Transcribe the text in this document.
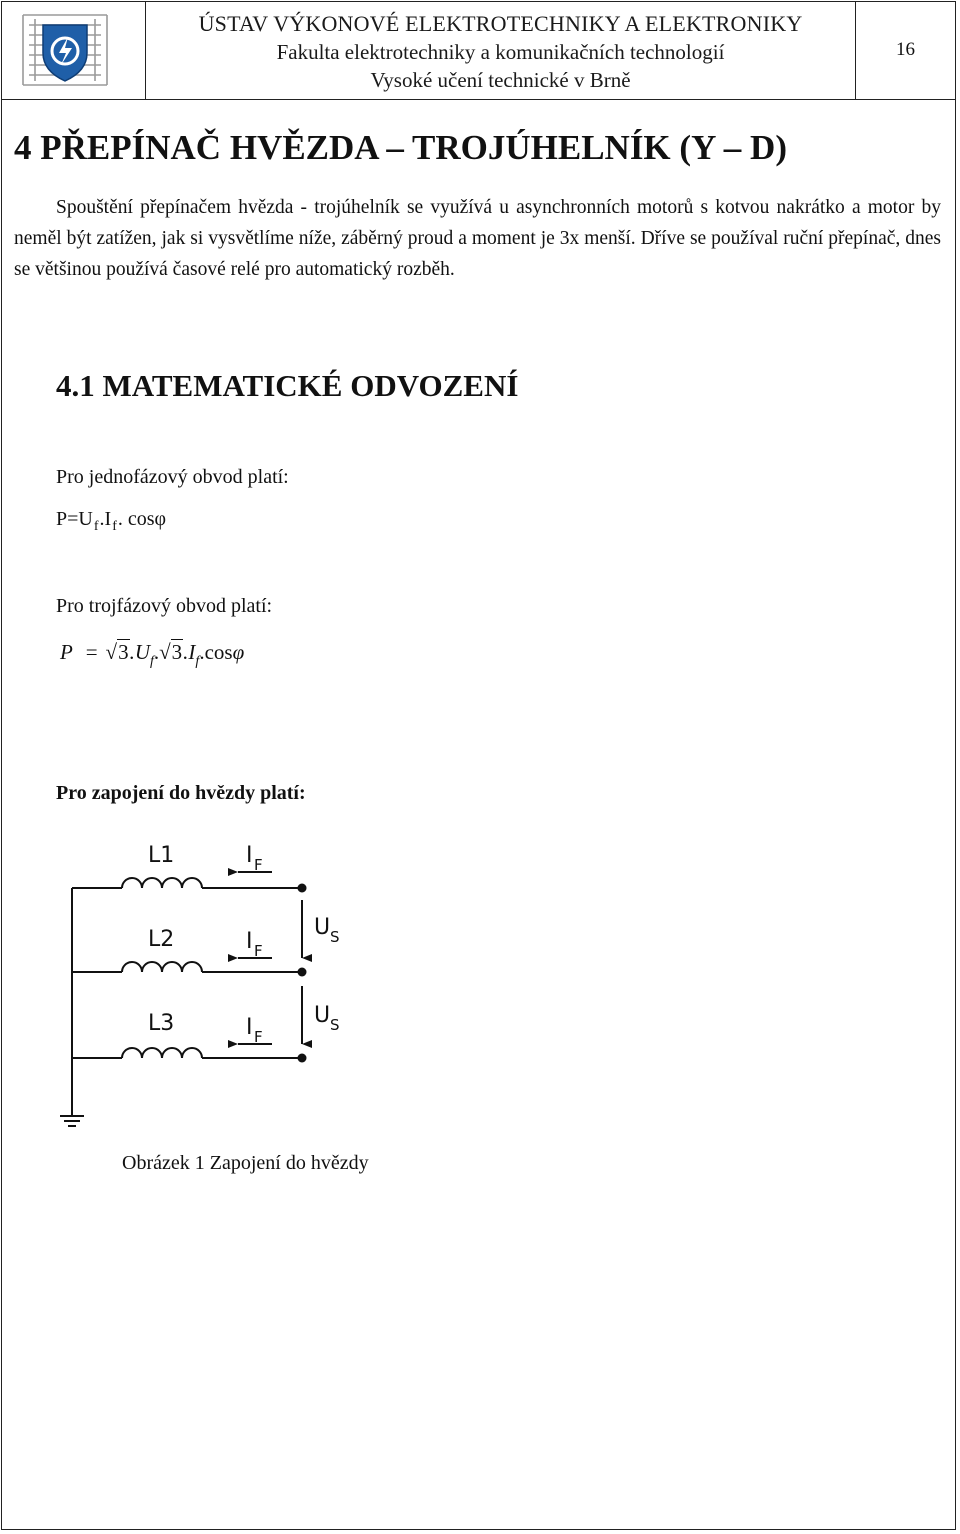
ÚSTAV VÝKONOVÉ ELEKTROTECHNIKY A ELEKTRONIKY
Fakulta elektrotechniky a komunikačních technologií
Vysoké učení technické v Brně
16
4 PŘEPÍNAČ HVĚZDA – TROJÚHELNÍK (Y – D)
Spouštění přepínačem hvězda - trojúhelník se využívá u asynchronních motorů s kotvou nakrátko a motor by neměl být zatížen, jak si vysvětlíme níže, záběrný proud a moment je 3x menší. Dříve se používal ruční přepínač, dnes se většinou používá časové relé pro automatický rozběh.
4.1 MATEMATICKÉ ODVOZENÍ
Pro jednofázový obvod platí:
$P=U_f.I_f$. cosφ
Pro trojfázový obvod platí:
$P = √3.U_f.√3.I_f.\cos\varphi$
Pro zapojení do hvězdy platí:
L1
L2
L3
I F
I F
I F
U S
U S
Obrázek 1 Zapojení do hvězdy
